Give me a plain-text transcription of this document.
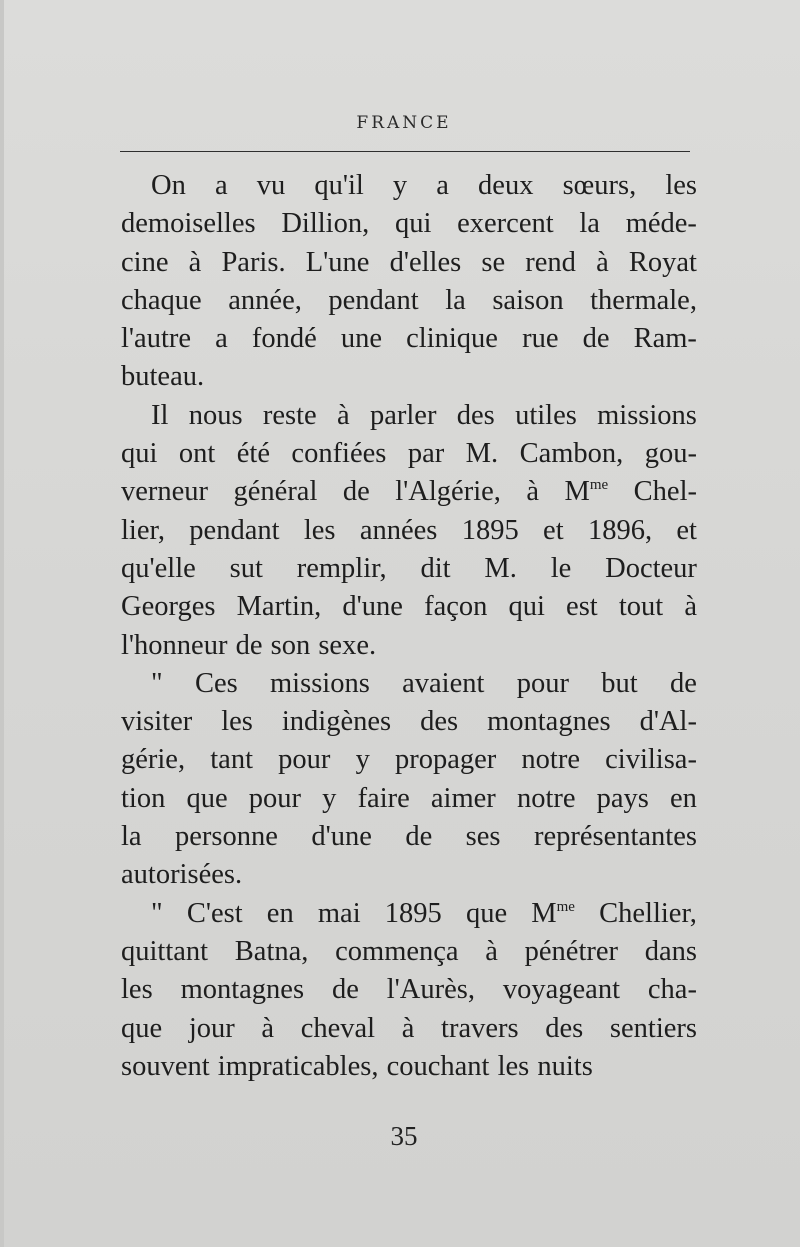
FRANCE
On a vu qu'il y a deux sœurs, les
demoiselles Dillion, qui exercent la méde-
cine à Paris. L'une d'elles se rend à Royat
chaque année, pendant la saison thermale,
l'autre a fondé une clinique rue de Ram-
buteau.
Il nous reste à parler des utiles missions
qui ont été confiées par M. Cambon, gou-
verneur général de l'Algérie, à $M^{me}$ Chel-
lier, pendant les années 1895 et 1896, et
qu'elle sut remplir, dit M. le Docteur
Georges Martin, d'une façon qui est tout à
l'honneur de son sexe.
" Ces missions avaient pour but de
visiter les indigènes des montagnes d'Al-
gérie, tant pour y propager notre civilisa-
tion que pour y faire aimer notre pays en
la personne d'une de ses représentantes
autorisées.
" C'est en mai 1895 que $M^{me}$ Chellier,
quittant Batna, commença à pénétrer dans
les montagnes de l'Aurès, voyageant cha-
que jour à cheval à travers des sentiers
souvent impraticables, couchant les nuits
35
